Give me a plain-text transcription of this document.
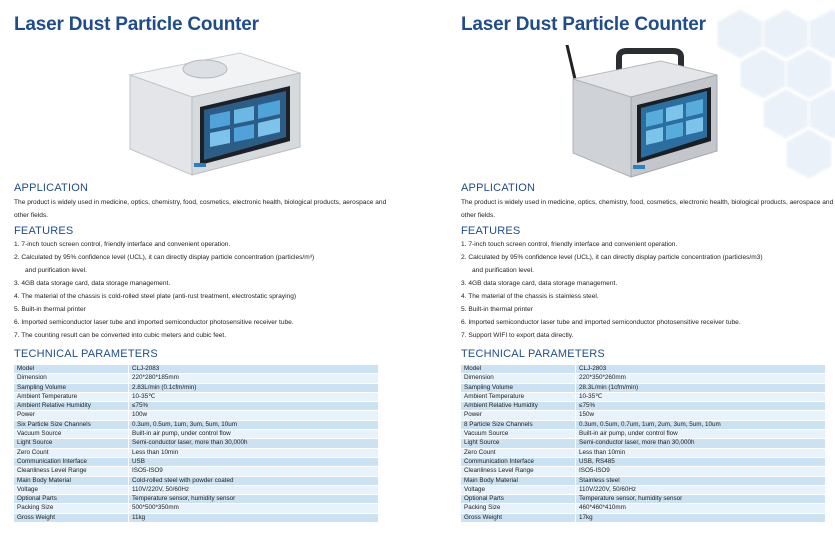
Laser Dust Particle Counter
APPLICATION
The product is widely used in medicine, optics, chemistry, food, cosmetics, electronic health, biological products, aerospace and other fields.
FEATURES
1. 7-inch touch screen control, friendly interface and convenient operation.
2. Calculated by 95% confidence level (UCL), it can directly display particle concentration (particles/m³)
and purification level.
3. 4GB data storage card, data storage management.
4. The material of the chassis is cold-rolled steel plate (anti-rust treatment, electrostatic spraying)
5. Built-in thermal printer
6. Imported semiconductor laser tube and imported semiconductor photosensitive receiver tube.
7. The counting result can be converted into cubic meters and cubic feet.
TECHNICAL PARAMETERS
Model	CLJ-2083
Dimension	220*280*185mm
Sampling Volume	2.83L/min (0.1cfm/min)
Ambient Temperature	10-35℃
Ambient Relative Humidity	≤75%
Power	100w
Six Particle Size Channels	0.3um, 0.5um, 1um, 3um, 5um, 10um
Vacuum Source	Built-in air pump, under control flow
Light Source	Semi-conductor laser, more than 30,000h
Zero Count	Less than 10min
Communication Interface	USB
Cleanliness Level Range	ISO5-ISO9
Main Body Material	Cold-rolled steel with powder coated
Voltage	110V/220V, 50/60Hz
Optional Parts	Temperature sensor, humidity sensor
Packing Size	500*500*350mm
Gross Weight	11kg
Laser Dust Particle Counter
APPLICATION
The product is widely used in medicine, optics, chemistry, food, cosmetics, electronic health, biological products, aerospace and other fields.
FEATURES
1. 7-inch touch screen control, friendly interface and convenient operation.
2. Calculated by 95% confidence level (UCL), it can directly display particle concentration (particles/m3)
and purification level.
3. 4GB data storage card, data storage management.
4. The material of the chassis is stainless steel.
5. Built-in thermal printer
6. Imported semiconductor laser tube and imported semiconductor photosensitive receiver tube.
7. Support WIFI to export data directly.
TECHNICAL PARAMETERS
Model	CLJ-2803
Dimension	220*350*260mm
Sampling Volume	28.3L/min (1cfm/min)
Ambient Temperature	10-35℃
Ambient Relative Humidity	≤75%
Power	150w
8 Particle Size Channels	0.3um, 0.5um, 0.7um, 1um, 2um, 3um, 5um, 10um
Vacuum Source	Built-in air pump, under control flow
Light Source	Semi-conductor laser, more than 30,000h
Zero Count	Less than 10min
Communication Interface	USB, RS485
Cleanliness Level Range	ISO5-ISO9
Main Body Material	Stainless steel
Voltage	110V/220V, 50/60Hz
Optional Parts	Temperature sensor, humidity sensor
Packing Size	460*460*410mm
Gross Weight	17kg
